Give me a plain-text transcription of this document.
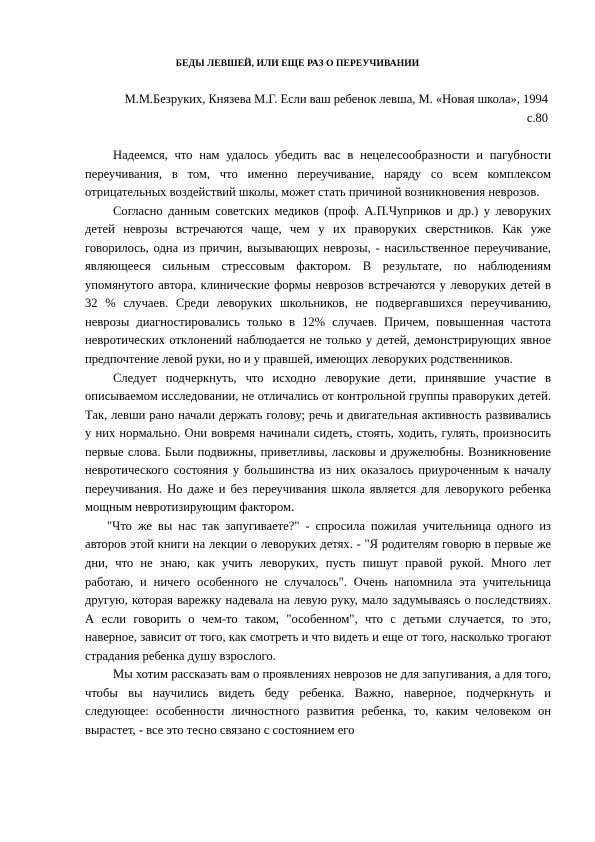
БЕДЫ ЛЕВШЕЙ, ИЛИ ЕЩЕ РАЗ О ПЕРЕУЧИВАНИИ
М.М.Безруких, Князева М.Г. Если ваш ребенок левша, М. «Новая школа», 1994 с.80

Надеемся, что нам удалось убедить вас в нецелесообразности и пагубности переучивания, в том, что именно переучивание, наряду со всем комплексом отрицательных воздействий школы, может стать причиной возникновения неврозов.

Согласно данным советских медиков (проф. А.П.Чуприков и др.) у леворуких детей неврозы встречаются чаще, чем у их праворуких сверстников. Как уже говорилось, одна из причин, вызывающих неврозы, - насильственное переучивание, являющееся сильным стрессовым фактором. В результате, по наблюдениям упомянутого автора, клинические формы неврозов встречаются у леворуких детей в 32 % случаев. Среди леворуких школьников, не подвергавшихся переучиванию, неврозы диагностировались только в 12% случаев. Причем, повышенная частота невротических отклонений наблюдается не только у детей, демонстрирующих явное предпочтение левой руки, но и у правшей, имеющих леворуких родственников.

Следует подчеркнуть, что исходно леворукие дети, принявшие участие в описываемом исследовании, не отличались от контрольной группы праворуких детей. Так, левши рано начали держать голову; речь и двигательная активность развивались у них нормально. Они вовремя начинали сидеть, стоять, ходить, гулять, произносить первые слова. Были подвижны, приветливы, ласковы и дружелюбны. Возникновение невротического состояния у большинства из них оказалось приуроченным к началу переучивания. Но даже и без переучивания школа является для леворукого ребенка мощным невротизирующим фактором.

"Что же вы нас так запугиваете?" - спросила пожилая учительница одного из авторов этой книги на лекции о леворуких детях. - "Я родителям говорю в первые же дни, что не знаю, как учить леворуких, пусть пишут правой рукой. Много лет работаю, и ничего особенного не случалось". Очень напомнила эта учительница другую, которая варежку надевала на левую руку, мало задумываясь о последствиях. А если говорить о чем-то таком, "особенном", что с детьми случается, то это, наверное, зависит от того, как смотреть и что видеть и еще от того, насколько трогают страдания ребенка душу взрослого.

Мы хотим рассказать вам о проявлениях неврозов не для запугивания, а для того, чтобы вы научились видеть беду ребенка. Важно, наверное, подчеркнуть и следующее: особенности личностного развития ребенка, то, каким человеком он вырастет, - все это тесно связано с состоянием его
